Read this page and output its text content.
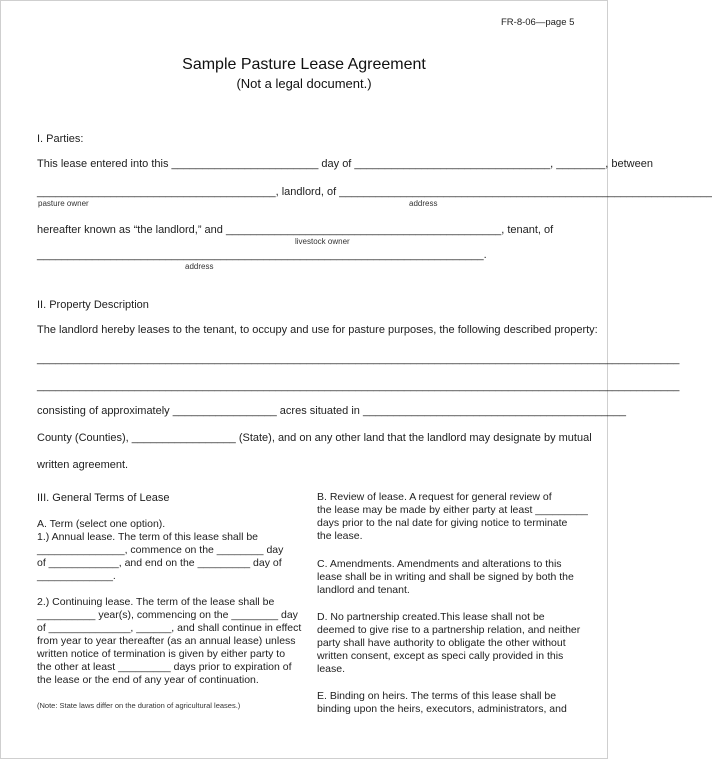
FR-8-06—page 5
Sample Pasture Lease Agreement
(Not a legal document.)
I. Parties:
This lease entered into this ________________________ day of ________________________________, ________, between
_______________________________________, landlord, of _____________________________________________________________
pasture owner	address
hereafter known as “the landlord,” and _____________________________________________, tenant, of
livestock owner
_________________________________________________________________________.
address
II. Property Description
The landlord hereby leases to the tenant, to occupy and use for pasture purposes, the following described property:
_________________________________________________________________________________________________________
_________________________________________________________________________________________________________
consisting of approximately _________________ acres situated in ___________________________________________
County (Counties), _________________ (State), and on any other land that the landlord may designate by mutual
written agreement.
III. General Terms of Lease

A. Term (select one option).

1.) Annual lease. The term of this lease shall be

_______________, commence on the ________ day

of ____________, and end on the _________ day of

_____________.

2.) Continuing lease. The term of the lease shall be

__________ year(s), commencing on the ________ day

of ______________, ______, and shall continue in effect

from year to year thereafter (as an annual lease) unless

written notice of termination is given by either party to

the other at least _________ days prior to expiration of

the lease or the end of any year of continuation.

(Note: State laws differ on the duration of agricultural leases.)

B. Review of lease. A request for general review of

the lease may be made by either party at least _________

days prior to the nal date for giving notice to terminate

the lease.

C. Amendments. Amendments and alterations to this

lease shall be in writing and shall be signed by both the

landlord and tenant.

D. No partnership created.This lease shall not be

deemed to give rise to a partnership relation, and neither

party shall have authority to obligate the other without

written consent, except as speci cally provided in this

lease.

E. Binding on heirs. The terms of this lease shall be

binding upon the heirs, executors, administrators, and
